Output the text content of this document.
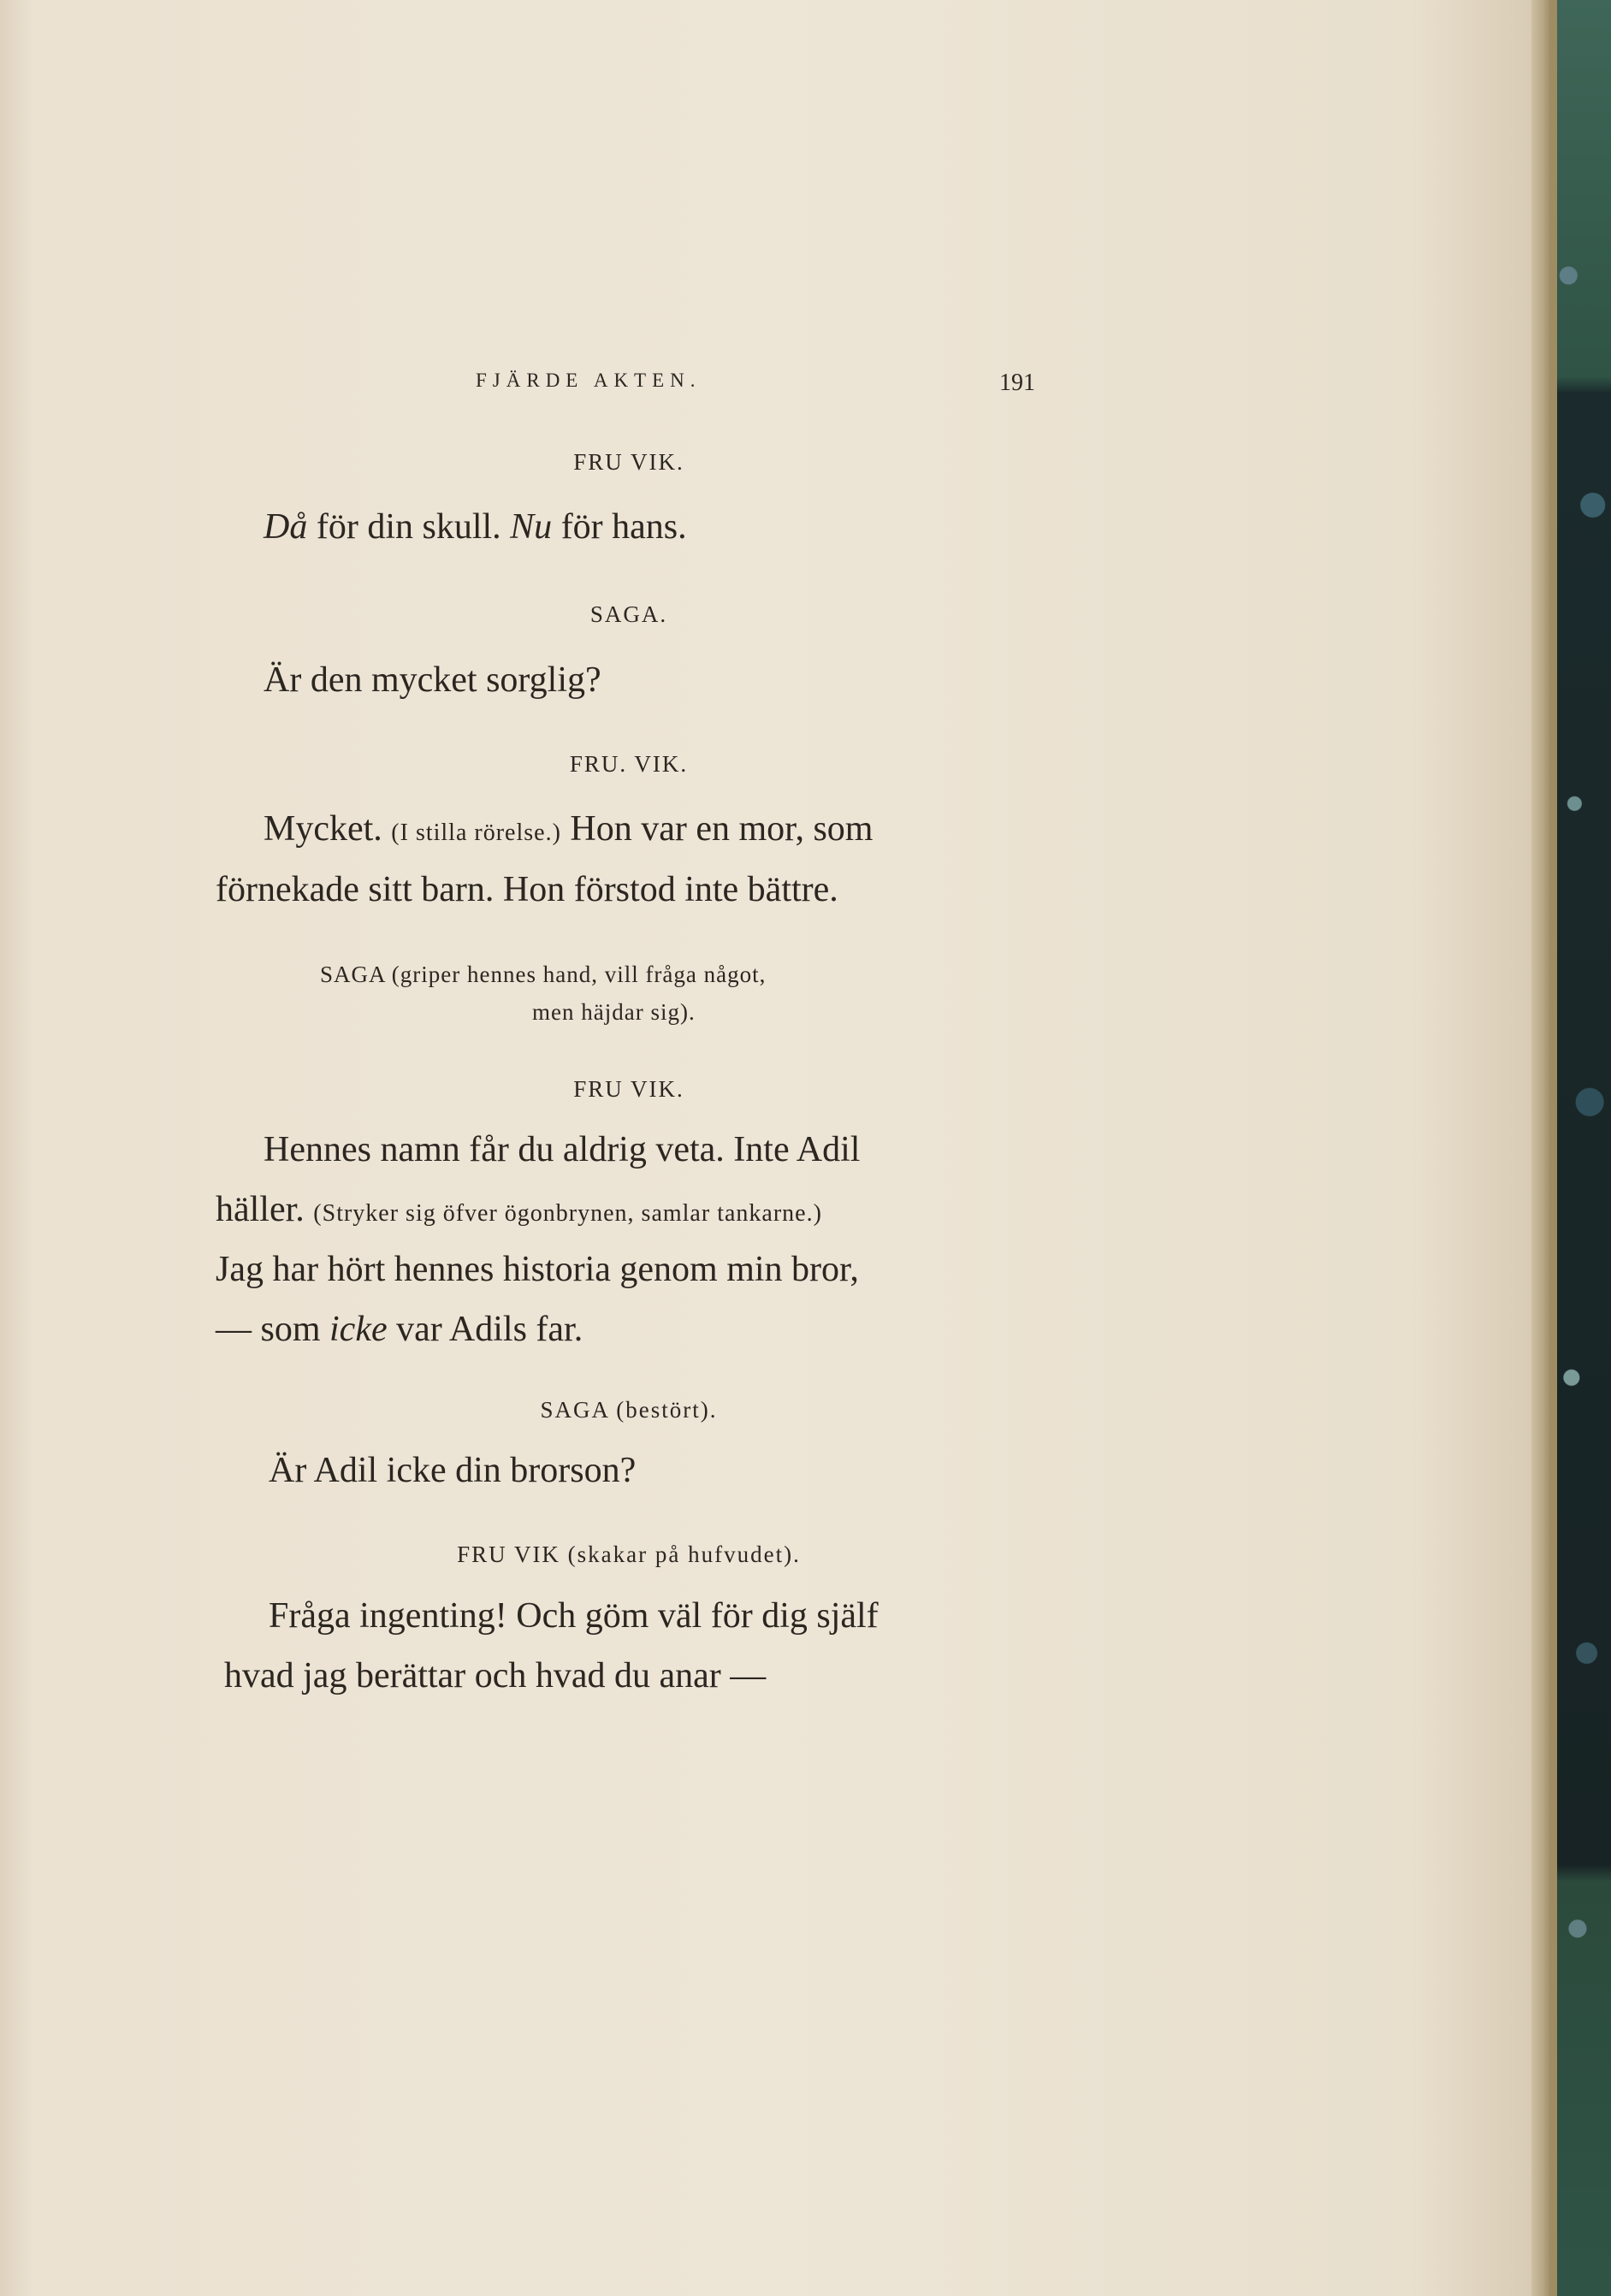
FJÄRDE AKTEN.	191
FRU VIK.
Då för din skull. Nu för hans.
SAGA.
Är den mycket sorglig?
FRU. VIK.
Mycket. (I stilla rörelse.) Hon var en mor, som
förnekade sitt barn. Hon förstod inte bättre.
SAGA (griper hennes hand, vill fråga något,
men häjdar sig).
FRU VIK.
Hennes namn får du aldrig veta. Inte Adil
häller. (Stryker sig öfver ögonbrynen, samlar tankarne.)
Jag har hört hennes historia genom min bror,
— som icke var Adils far.
SAGA (bestört).
Är Adil icke din brorson?
FRU VIK (skakar på hufvudet).
Fråga ingenting! Och göm väl för dig själf
hvad jag berättar och hvad du anar —
